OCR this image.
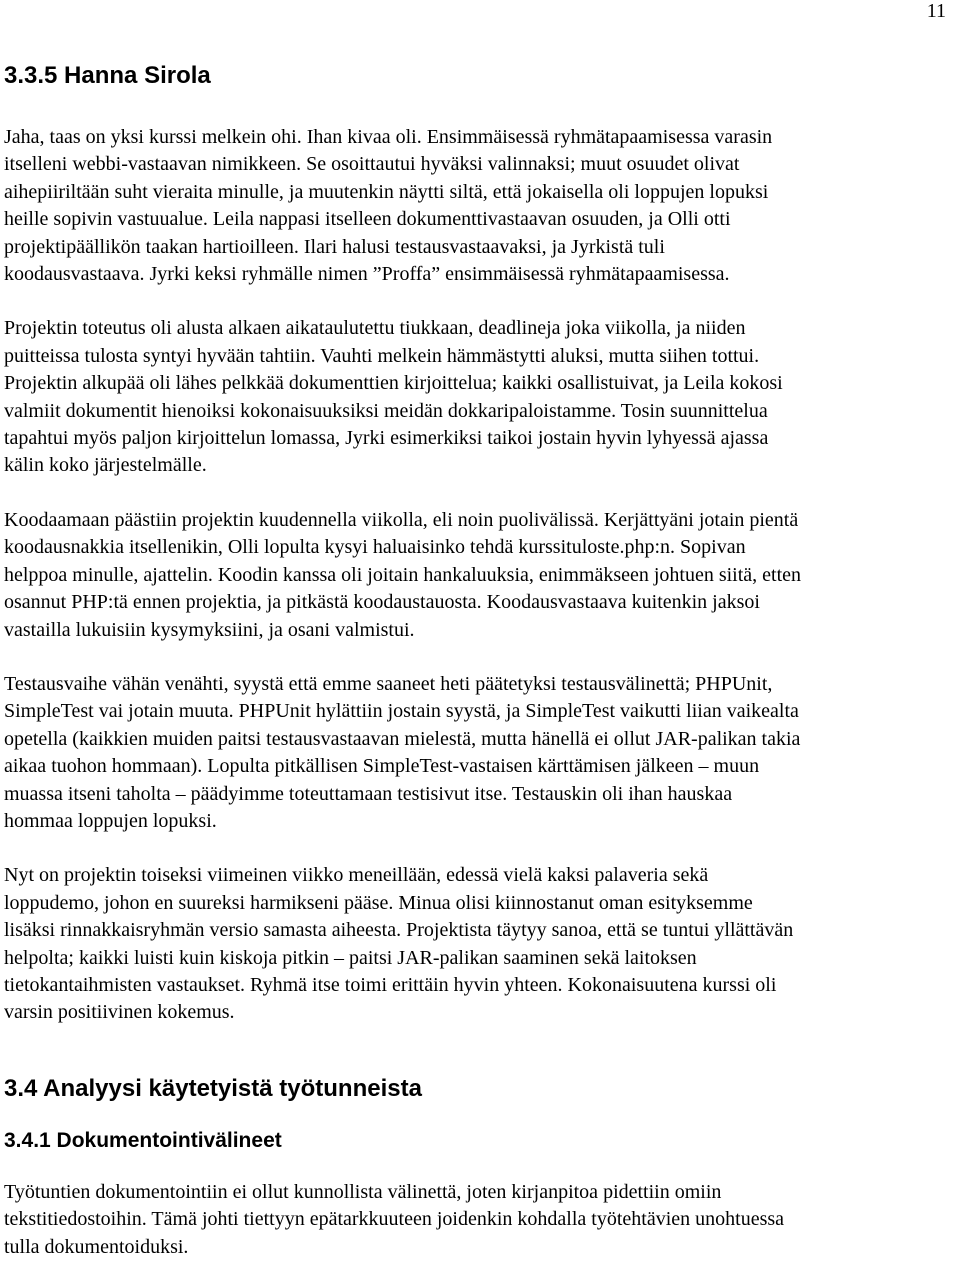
11
3.3.5 Hanna Sirola

Jaha, taas on yksi kurssi melkein ohi. Ihan kivaa oli. Ensimmäisessä ryhmätapaamisessa varasin
itselleni webbi-vastaavan nimikkeen. Se osoittautui hyväksi valinnaksi; muut osuudet olivat
aihepiiriltään suht vieraita minulle, ja muutenkin näytti siltä, että jokaisella oli loppujen lopuksi
heille sopivin vastuualue. Leila nappasi itselleen dokumenttivastaavan osuuden, ja Olli otti
projektipäällikön taakan hartioilleen. Ilari halusi testausvastaavaksi, ja Jyrkistä tuli
koodausvastaava. Jyrki keksi ryhmälle nimen ”Proffa” ensimmäisessä ryhmätapaamisessa.

Projektin toteutus oli alusta alkaen aikataulutettu tiukkaan, deadlineja joka viikolla, ja niiden
puitteissa tulosta syntyi hyvään tahtiin. Vauhti melkein hämmästytti aluksi, mutta siihen tottui.
Projektin alkupää oli lähes pelkkää dokumenttien kirjoittelua; kaikki osallistuivat, ja Leila kokosi
valmiit dokumentit hienoiksi kokonaisuuksiksi meidän dokkaripaloistamme. Tosin suunnittelua
tapahtui myös paljon kirjoittelun lomassa, Jyrki esimerkiksi taikoi jostain hyvin lyhyessä ajassa
kälin koko järjestelmälle.

Koodaamaan päästiin projektin kuudennella viikolla, eli noin puolivälissä. Kerjättyäni jotain pientä
koodausnakkia itsellenikin, Olli lopulta kysyi haluaisinko tehdä kurssituloste.php:n. Sopivan
helppoa minulle, ajattelin. Koodin kanssa oli joitain hankaluuksia, enimmäkseen johtuen siitä, etten
osannut PHP:tä ennen projektia, ja pitkästä koodaustauosta. Koodausvastaava kuitenkin jaksoi
vastailla lukuisiin kysymyksiini, ja osani valmistui.

Testausvaihe vähän venähti, syystä että emme saaneet heti päätetyksi testausvälinettä; PHPUnit,
SimpleTest vai jotain muuta. PHPUnit hylättiin jostain syystä, ja SimpleTest vaikutti liian vaikealta
opetella (kaikkien muiden paitsi testausvastaavan mielestä, mutta hänellä ei ollut JAR-palikan takia
aikaa tuohon hommaan). Lopulta pitkällisen SimpleTest-vastaisen kärttämisen jälkeen – muun
muassa itseni taholta – päädyimme toteuttamaan testisivut itse. Testauskin oli ihan hauskaa
hommaa loppujen lopuksi.

Nyt on projektin toiseksi viimeinen viikko meneillään, edessä vielä kaksi palaveria sekä
loppudemo, johon en suureksi harmikseni pääse. Minua olisi kiinnostanut oman esityksemme
lisäksi rinnakkaisryhmän versio samasta aiheesta. Projektista täytyy sanoa, että se tuntui yllättävän
helpolta; kaikki luisti kuin kiskoja pitkin – paitsi JAR-palikan saaminen sekä laitoksen
tietokantaihmisten vastaukset. Ryhmä itse toimi erittäin hyvin yhteen. Kokonaisuutena kurssi oli
varsin positiivinen kokemus.

3.4 Analyysi käytetyistä työtunneista
3.4.1 Dokumentointivälineet

Työtuntien dokumentointiin ei ollut kunnollista välinettä, joten kirjanpitoa pidettiin omiin
tekstitiedostoihin. Tämä johti tiettyyn epätarkkuuteen joidenkin kohdalla työtehtävien unohtuessa
tulla dokumentoiduksi.
